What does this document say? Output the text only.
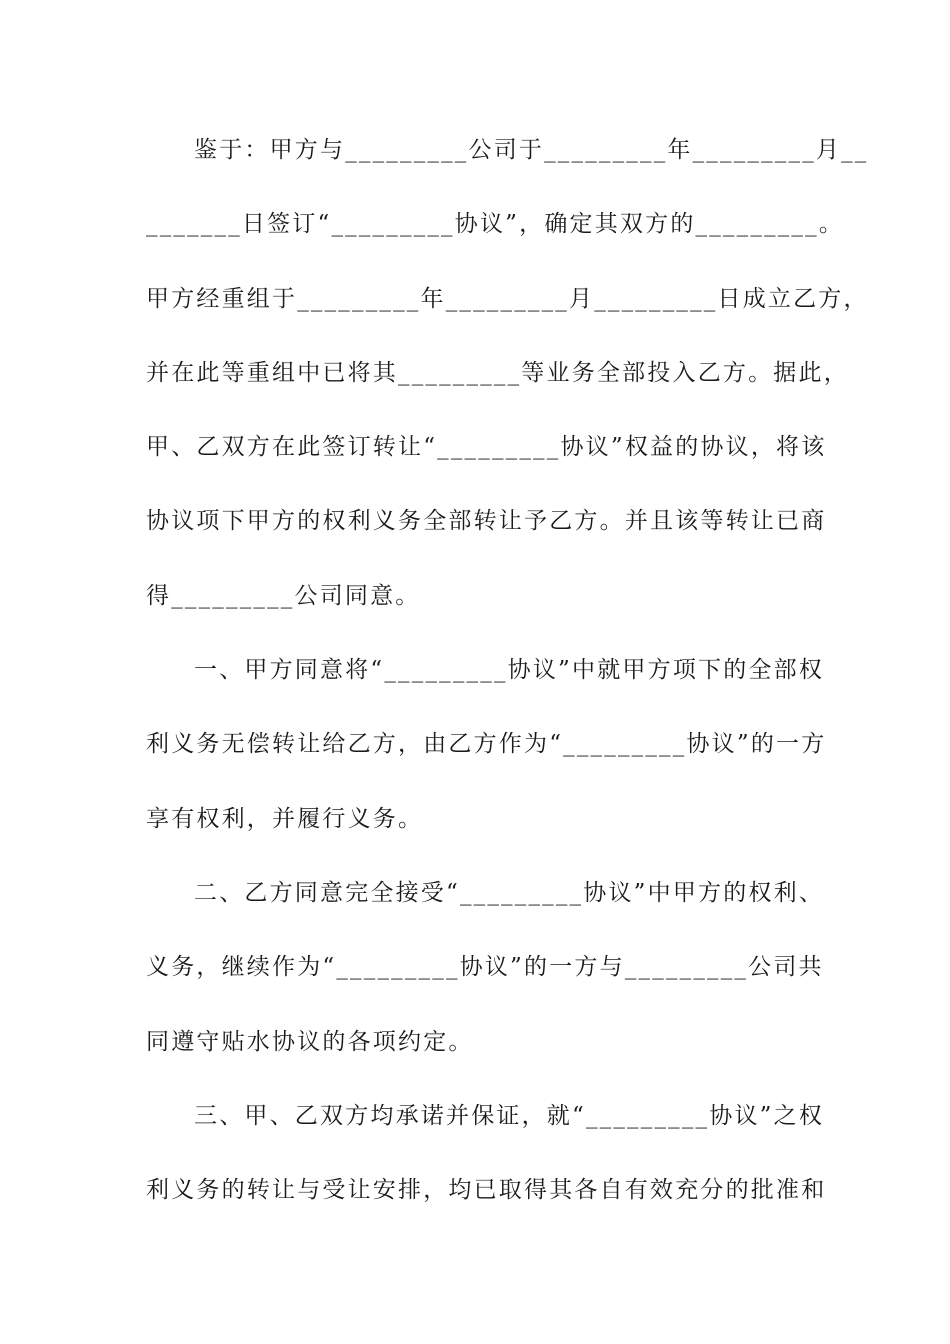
鉴于：甲方与_________公司于_________年_________月__
_______日签订“_________协议”，确定其双方的_________。
甲方经重组于_________年_________月_________日成立乙方，
并在此等重组中已将其_________等业务全部投入乙方。据此，
甲、乙双方在此签订转让“_________协议”权益的协议，将该
协议项下甲方的权利义务全部转让予乙方。并且该等转让已商
得_________公司同意。
一、甲方同意将“_________协议”中就甲方项下的全部权
利义务无偿转让给乙方，由乙方作为“_________协议”的一方
享有权利，并履行义务。
二、乙方同意完全接受“_________协议”中甲方的权利、
义务，继续作为“_________协议”的一方与_________公司共
同遵守贴水协议的各项约定。
三、甲、乙双方均承诺并保证，就“_________协议”之权
利义务的转让与受让安排，均已取得其各自有效充分的批准和
